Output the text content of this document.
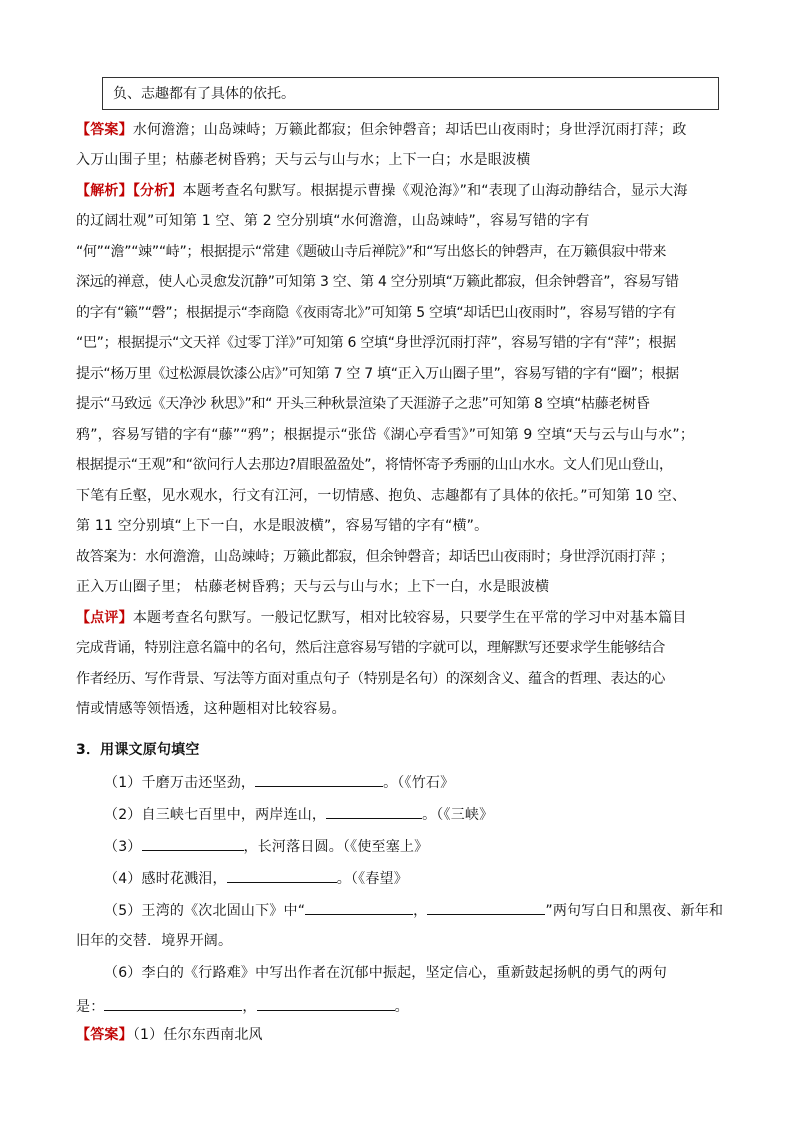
负、志趣都有了具体的依托。
【答案】水何澹澹；山岛竦峙；万籁此都寂；但余钟磬音；却话巴山夜雨时；身世浮沉雨打萍；政
入万山围子里；枯藤老树昏鸦；天与云与山与水；上下一白；水是眼波横
【解析】【分析】本题考查名句默写。根据提示曹操《观沧海》”和“表现了山海动静结合，显示大海
的辽阔壮观”可知第 1 空、第 2 空分别填“水何澹澹，山岛竦峙”，容易写错的字有
“何”“澹”“竦”“峙”；根据提示“常建《题破山寺后禅院》”和“写出悠长的钟磬声，在万籁俱寂中带来
深远的禅意，使人心灵愈发沉静”可知第 3 空、第 4 空分别填“万籁此都寂，但余钟磬音”，容易写错
的字有“籁”“磬”；根据提示“李商隐《夜雨寄北》”可知第 5 空填“却话巴山夜雨时”，容易写错的字有
“巴”；根据提示“文天祥《过零丁洋》”可知第 6 空填“身世浮沉雨打萍”，容易写错的字有“萍”；根据
提示“杨万里《过松源晨饮漆公店》”可知第 7 空 7 填“正入万山圈子里”，容易写错的字有“圈”；根据
提示“马致远《天净沙 秋思》”和“ 开头三种秋景渲染了天涯游子之悲”可知第 8 空填“枯藤老树昏
鸦”，容易写错的字有“藤”“鸦”；根据提示“张岱《湖心亭看雪》”可知第 9 空填“天与云与山与水”；
根据提示“王观”和“欲问行人去那边?眉眼盈盈处”，将情怀寄予秀丽的山山水水。文人们见山登山，
下笔有丘壑，见水观水，行文有江河，一切情感、抱负、志趣都有了具体的依托。”可知第 10 空、
第 11 空分别填“上下一白，水是眼波横”，容易写错的字有“横”。
故答案为：水何澹澹，山岛竦峙；万籁此都寂，但余钟磬音；却话巴山夜雨时；身世浮沉雨打萍 ；
正入万山圈子里； 枯藤老树昏鸦；天与云与山与水；上下一白，水是眼波横
【点评】本题考查名句默写。一般记忆默写，相对比较容易，只要学生在平常的学习中对基本篇目
完成背诵，特别注意名篇中的名句，然后注意容易写错的字就可以，理解默写还要求学生能够结合
作者经历、写作背景、写法等方面对重点句子（特别是名句）的深刻含义、蕴含的哲理、表达的心
情或情感等领悟透，这种题相对比较容易。
3．用课文原句填空
（1）千磨万击还坚劲，	。（《竹石》
（2）自三峡七百里中，两岸连山，	。（《三峡》
（3）	，长河落日圆。（《使至塞上》
（4）感时花溅泪，	。（《春望》
（5）王湾的《次北固山下》中“	，	”两句写白日和黑夜、新年和
旧年的交替．境界开阔。
（6）李白的《行路难》中写出作者在沉郁中振起，坚定信心，重新鼓起扬帆的勇气的两句
是：	，	。
【答案】（1）任尔东西南北风
